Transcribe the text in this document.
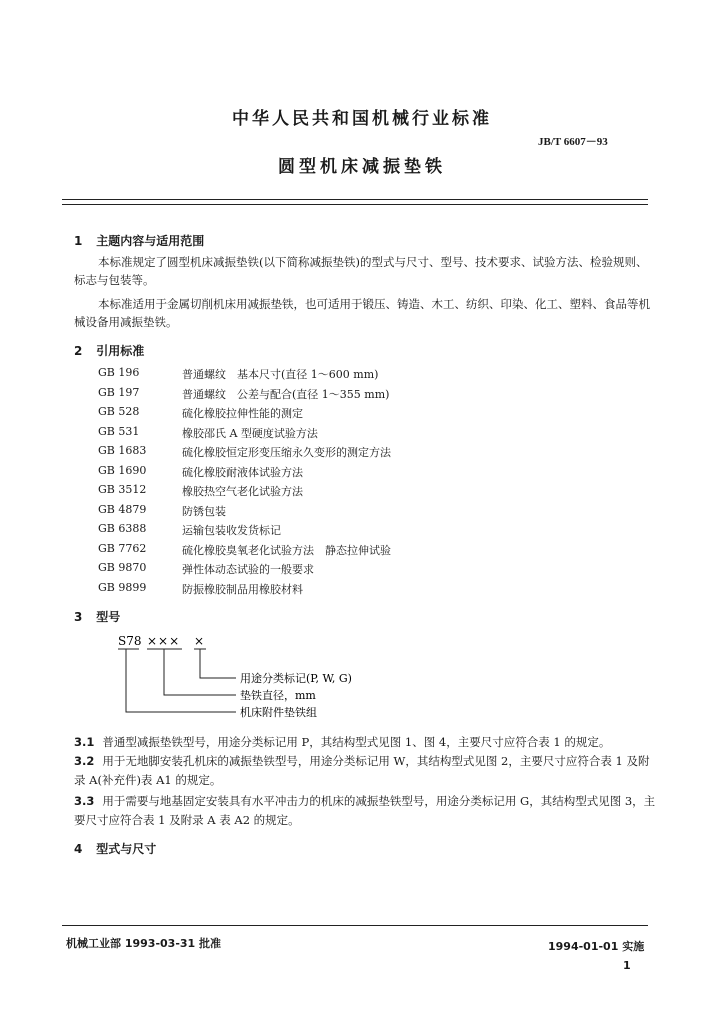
中华人民共和国机械行业标准
JB/T 6607－93
圆型机床减振垫铁
1 主题内容与适用范围
本标准规定了圆型机床减振垫铁(以下简称减振垫铁)的型式与尺寸、型号、技术要求、试验方法、检验规则、标志与包装等。
本标准适用于金属切削机床用减振垫铁，也可适用于锻压、铸造、木工、纺织、印染、化工、塑料、食品等机械设备用减振垫铁。
2 引用标准
GB 196	普通螺纹　基本尺寸(直径 1～600 mm)
GB 197	普通螺纹　公差与配合(直径 1～355 mm)
GB 528	硫化橡胶拉伸性能的测定
GB 531	橡胶邵氏 A 型硬度试验方法
GB 1683	硫化橡胶恒定形变压缩永久变形的测定方法
GB 1690	硫化橡胶耐液体试验方法
GB 3512	橡胶热空气老化试验方法
GB 4879	防锈包装
GB 6388	运输包装收发货标记
GB 7762	硫化橡胶臭氧老化试验方法　静态拉伸试验
GB 9870	弹性体动态试验的一般要求
GB 9899	防振橡胶制品用橡胶材料
3 型号
S78 ××× ×
用途分类标记(P, W, G)
垫铁直径，mm
机床附件垫铁组
3.1 普通型减振垫铁型号，用途分类标记用 P，其结构型式见图 1、图 4，主要尺寸应符合表 1 的规定。
3.2 用于无地脚安装孔机床的减振垫铁型号，用途分类标记用 W，其结构型式见图 2，主要尺寸应符合表 1 及附录 A(补充件)表 A1 的规定。
3.3 用于需要与地基固定安装具有水平冲击力的机床的减振垫铁型号，用途分类标记用 G，其结构型式见图 3，主要尺寸应符合表 1 及附录 A 表 A2 的规定。
4 型式与尺寸
机械工业部 1993-03-31 批准	1994-01-01 实施
1
